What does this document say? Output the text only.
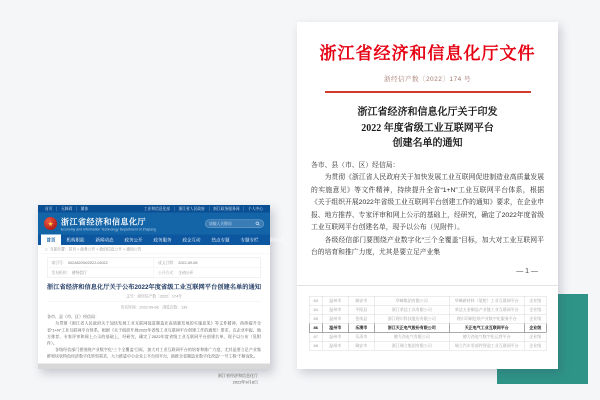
首页 无障碍 繁体	工业和信息化部 浙江省人民政府 浙江政务服务网 个人中心
★ 浙江省经济和信息化厅
Economy and Information Technology Department of Zhejiang
请输入关键词
首页	机构职能	新闻动态	政务公开	政务服务	政企互动	热点专题	专题专栏	浙经信
⌂ 当前位置：首页 > 政务公开 > 政府信息公开 > 通知公告
索引号： 002482094/2022-04022	成文日期： 2022-09-08
发布机构： 省经信厅	公开方式： 主动公开
浙江省经济和信息化厅关于公布2022年度省级工业互联网平台创建名单的通知
文号：浙经信产数〔2022〕174号
发布时间：2022-09-08　浏览次数：139

各市、县（市、区）经信局：

为贯彻《浙江省人民政府关于加快发展工业互联网促进制造业高质量发展的实施意见》等文件精神，持续提升全省“1+N”工业互联网平台体系，根据《关于组织开展2022年省级工业互联网平台创建工作的通知》要求，在企业申报、地方推荐、专家评审和网上公示的基础上，经研究，确定了2022年度省级工业互联网平台创建名单，现予以公布（见附件）。

各级经信部门要围绕产业数字化“三个全覆盖”目标，加大对工业互联网平台的培育和推广力度，尤其是要立足产业集群和块状特色经济数字化转型需求，大力推进中小企业上平台用平台，助推全省制造业数字化改造“一号工程”不断深化。

浙江省经济和信息化厅
2022年9月8日
浙江省经济和信息化厅文件
浙经信产数〔2022〕174 号
浙江省经济和信息化厅关于印发
2022 年度省级工业互联网平台
创建名单的通知

各市、县（市、区）经信局：

为贯彻《浙江省人民政府关于加快发展工业互联网促进制造业高质量发展的实施意见》等文件精神，持续提升全省“1+N”工业互联网平台体系，根据《关于组织开展2022年省级工业互联网平台创建工作的通知》要求，在企业申报、地方推荐、专家评审和网上公示的基础上，经研究，确定了2022年度省级工业互联网平台创建名单，现予以公布（见附件）。

各级经信部门要围绕产业数字化“三个全覆盖”目标，加大对工业互联网平台的培育和推广力度，尤其是要立足产业集

— 1 —
83	温州市	瑞安市	华峰集团有限公司	华峰新材料（氨纶）工业互联网平台	企业级
84	温州市	平阳县	浙江荣达工具有限公司	荣达五金制品产业链工业互联网平台	企业级
85	温州市	苍南县	浙江理川科技股份有限公司	理川印刷包装产业数字化服务平台	企业级
86	温州市	乐清市	浙江天正电气股份有限公司	天正电气工业互联网平台	企业级
87	温州市	乐清市	德力西电气有限公司	德力西电气数字化运营平台	企业级
88	温州市	瑞安市	浙江瑞立集团有限公司	瑞立汽车零部件智造工业互联网平台	企业级
